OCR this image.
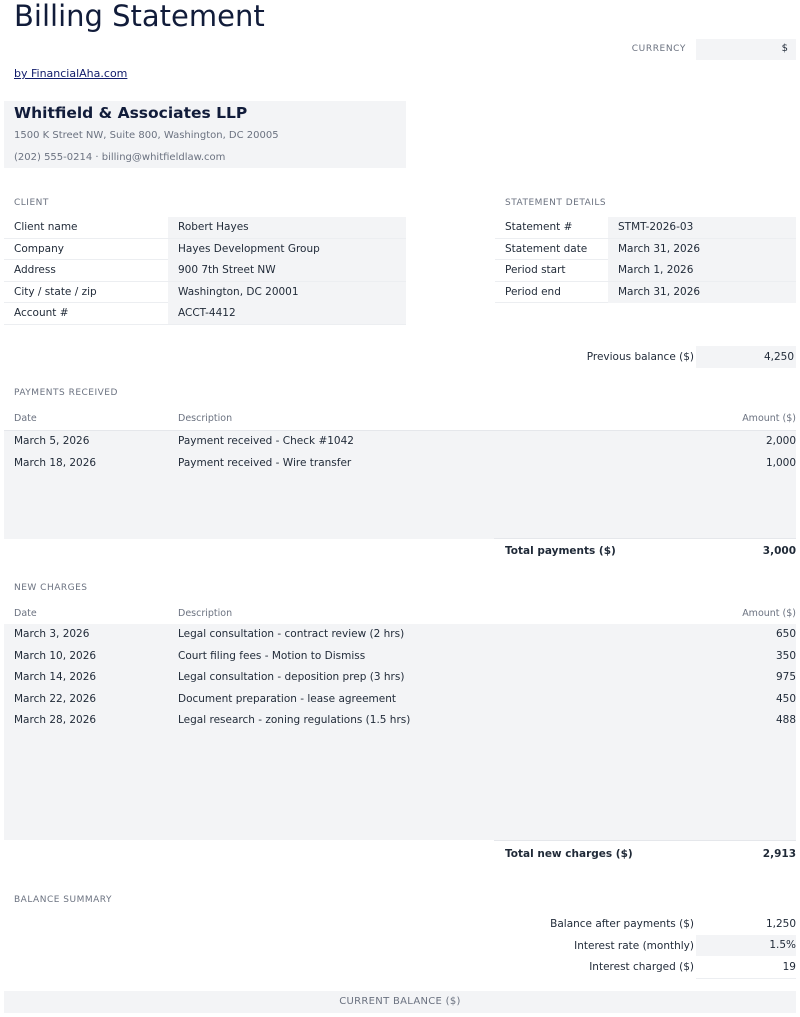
Billing Statement
CURRENCY	$
by FinancialAha.com
Whitfield & Associates LLP
1500 K Street NW, Suite 800, Washington, DC 20005
(202) 555-0214 · billing@whitfieldlaw.com
CLIENT
Client name	Robert Hayes
Company	Hayes Development Group
Address	900 7th Street NW
City / state / zip	Washington, DC 20001
Account #	ACCT-4412
STATEMENT DETAILS
Statement #	STMT-2026-03
Statement date	March 31, 2026
Period start	March 1, 2026
Period end	March 31, 2026
Previous balance ($)	4,250
PAYMENTS RECEIVED
Date	Description	Amount ($)
March 5, 2026	Payment received - Check #1042	2,000
March 18, 2026	Payment received - Wire transfer	1,000
Total payments ($)	3,000
NEW CHARGES
Date	Description	Amount ($)
March 3, 2026	Legal consultation - contract review (2 hrs)	650
March 10, 2026	Court filing fees - Motion to Dismiss	350
March 14, 2026	Legal consultation - deposition prep (3 hrs)	975
March 22, 2026	Document preparation - lease agreement	450
March 28, 2026	Legal research - zoning regulations (1.5 hrs)	488
Total new charges ($)	2,913
BALANCE SUMMARY
Balance after payments ($)	1,250
Interest rate (monthly)	1.5%
Interest charged ($)	19
CURRENT BALANCE ($)
